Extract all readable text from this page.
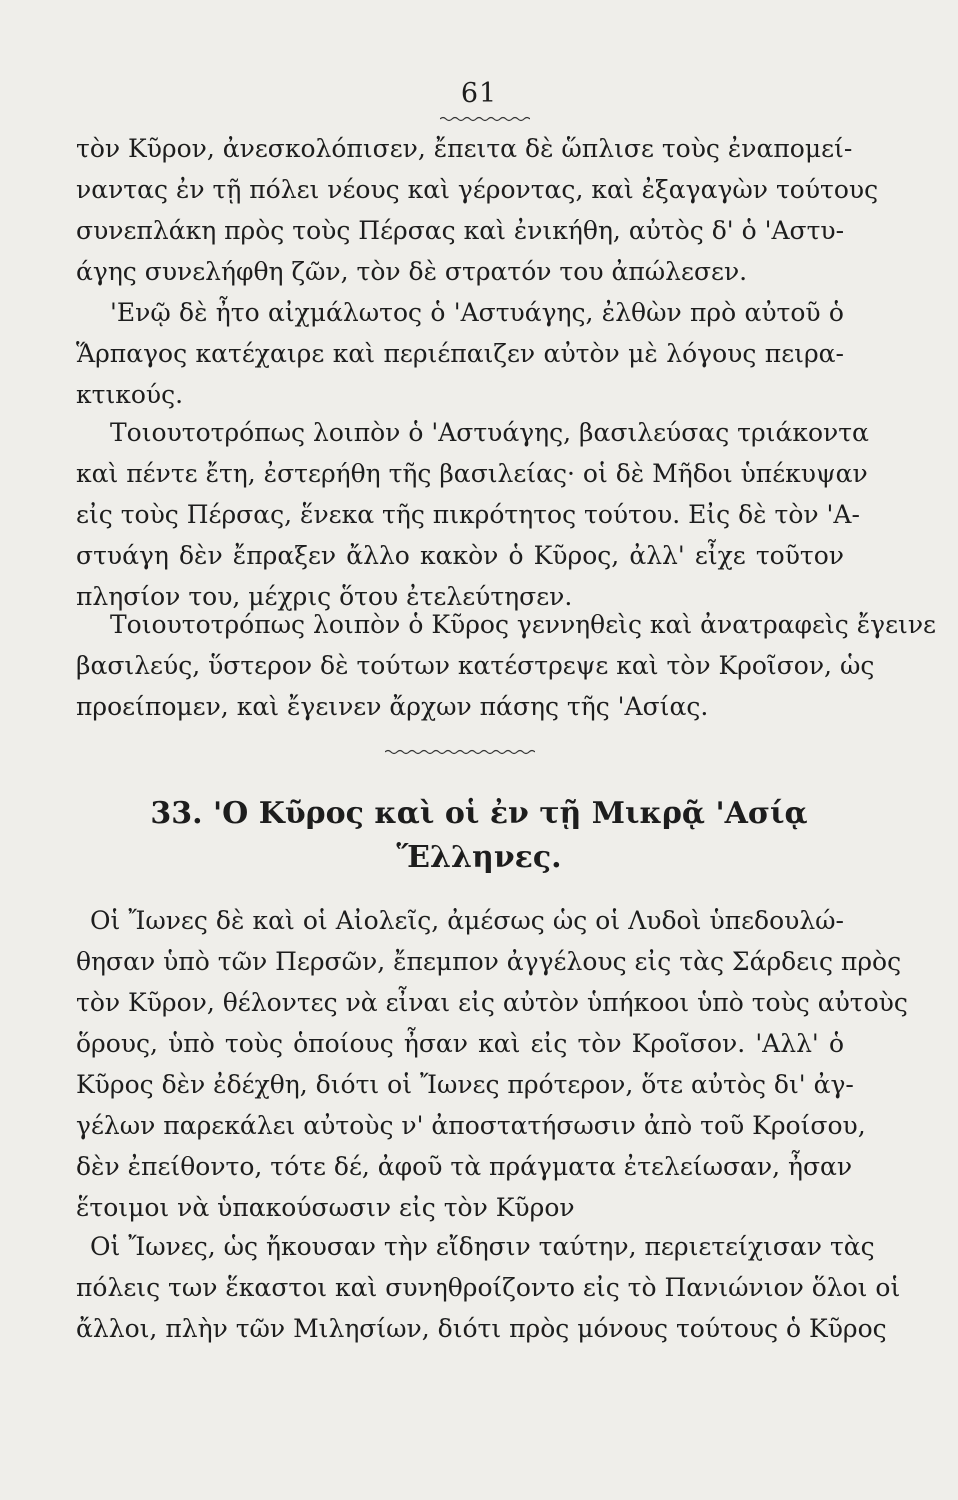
61

τὸν Κῦρον, ἀνεσκολόπισεν, ἔπειτα δὲ ὥπλισε τοὺς ἐναπομεί-
ναντας ἐν τῇ πόλει νέους καὶ γέροντας, καὶ ἐξαγαγὼν τούτους
συνεπλάκη πρὸς τοὺς Πέρσας καὶ ἐνικήθη, αὐτὸς δ' ὁ 'Αστυ-
άγης συνελήφθη ζῶν, τὸν δὲ στρατόν του ἀπώλεσεν.

'Ενῷ δὲ ἦτο αἰχμάλωτος ὁ 'Αστυάγης, ἐλθὼν πρὸ αὐτοῦ ὁ
Ἅρπαγος κατέχαιρε καὶ περιέπαιζεν αὐτὸν μὲ λόγους πειρα-
κτικούς.

Τοιουτοτρόπως λοιπὸν ὁ 'Αστυάγης, βασιλεύσας τριάκοντα
καὶ πέντε ἔτη, ἐστερήθη τῆς βασιλείας· οἱ δὲ Μῆδοι ὑπέκυψαν
εἰς τοὺς Πέρσας, ἕνεκα τῆς πικρότητος τούτου. Εἰς δὲ τὸν 'Α-
στυάγη δὲν ἔπραξεν ἄλλο κακὸν ὁ Κῦρος, ἀλλ' εἶχε τοῦτον
πλησίον του, μέχρις ὅτου ἐτελεύτησεν.

Τοιουτοτρόπως λοιπὸν ὁ Κῦρος γεννηθεὶς καὶ ἀνατραφεὶς ἔγεινε
βασιλεύς, ὕστερον δὲ τούτων κατέστρεψε καὶ τὸν Κροῖσον, ὡς
προείπομεν, καὶ ἔγεινεν ἄρχων πάσης τῆς 'Ασίας.

33. 'Ο Κῦρος καὶ οἱ ἐν τῇ Μικρᾷ 'Ασίᾳ
Ἕλληνες.

Οἱ Ἴωνες δὲ καὶ οἱ Αἰολεῖς, ἀμέσως ὡς οἱ Λυδοὶ ὑπεδουλώ-
θησαν ὑπὸ τῶν Περσῶν, ἔπεμπον ἀγγέλους εἰς τὰς Σάρδεις πρὸς
τὸν Κῦρον, θέλοντες νὰ εἶναι εἰς αὐτὸν ὑπήκοοι ὑπὸ τοὺς αὐτοὺς
ὅρους, ὑπὸ τοὺς ὁποίους ἦσαν καὶ εἰς τὸν Κροῖσον. 'Αλλ' ὁ
Κῦρος δὲν ἐδέχθη, διότι οἱ Ἴωνες πρότερον, ὅτε αὐτὸς δι' ἀγ-
γέλων παρεκάλει αὐτοὺς ν' ἀποστατήσωσιν ἀπὸ τοῦ Κροίσου,
δὲν ἐπείθοντο, τότε δέ, ἀφοῦ τὰ πράγματα ἐτελείωσαν, ἦσαν
ἕτοιμοι νὰ ὑπακούσωσιν εἰς τὸν Κῦρον

Οἱ Ἴωνες, ὡς ἤκουσαν τὴν εἴδησιν ταύτην, περιετείχισαν τὰς
πόλεις των ἕκαστοι καὶ συνηθροίζοντο εἰς τὸ Πανιώνιον ὅλοι οἱ
ἄλλοι, πλὴν τῶν Μιλησίων, διότι πρὸς μόνους τούτους ὁ Κῦρος
